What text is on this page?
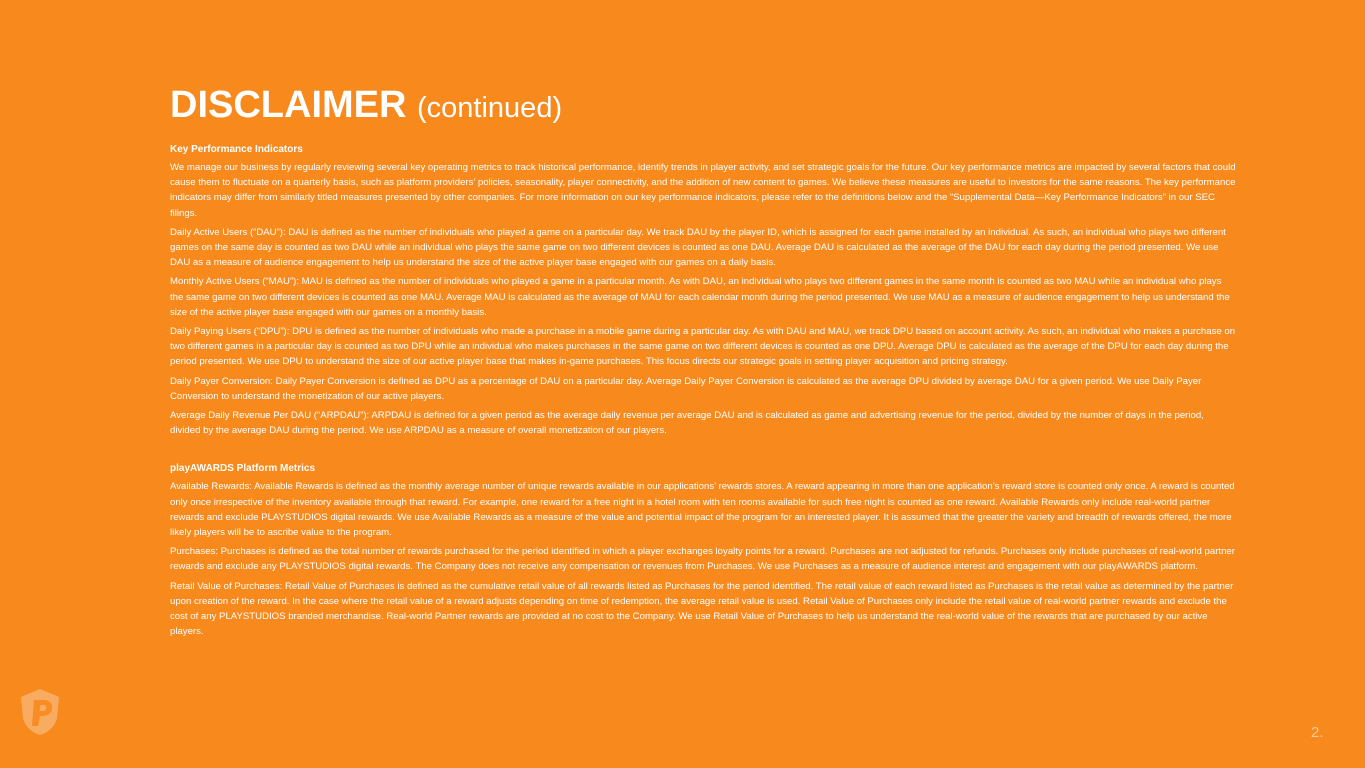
DISCLAIMER (continued)
Key Performance Indicators

We manage our business by regularly reviewing several key operating metrics to track historical performance, identify trends in player activity, and set strategic goals for the future. Our key performance metrics are impacted by several factors that could cause them to fluctuate on a quarterly basis, such as platform providers’ policies, seasonality, player connectivity, and the addition of new content to games. We believe these measures are useful to investors for the same reasons. The key performance indicators may differ from similarly titled measures presented by other companies. For more information on our key performance indicators, please refer to the definitions below and the “Supplemental Data—Key Performance Indicators” in our SEC filings.

Daily Active Users (“DAU”): DAU is defined as the number of individuals who played a game on a particular day. We track DAU by the player ID, which is assigned for each game installed by an individual. As such, an individual who plays two different games on the same day is counted as two DAU while an individual who plays the same game on two different devices is counted as one DAU. Average DAU is calculated as the average of the DAU for each day during the period presented. We use DAU as a measure of audience engagement to help us understand the size of the active player base engaged with our games on a daily basis.

Monthly Active Users (“MAU”): MAU is defined as the number of individuals who played a game in a particular month. As with DAU, an individual who plays two different games in the same month is counted as two MAU while an individual who plays the same game on two different devices is counted as one MAU. Average MAU is calculated as the average of MAU for each calendar month during the period presented. We use MAU as a measure of audience engagement to help us understand the size of the active player base engaged with our games on a monthly basis.

Daily Paying Users (“DPU”): DPU is defined as the number of individuals who made a purchase in a mobile game during a particular day. As with DAU and MAU, we track DPU based on account activity. As such, an individual who makes a purchase on two different games in a particular day is counted as two DPU while an individual who makes purchases in the same game on two different devices is counted as one DPU. Average DPU is calculated as the average of the DPU for each day during the period presented. We use DPU to understand the size of our active player base that makes in-game purchases. This focus directs our strategic goals in setting player acquisition and pricing strategy.

Daily Payer Conversion: Daily Payer Conversion is defined as DPU as a percentage of DAU on a particular day. Average Daily Payer Conversion is calculated as the average DPU divided by average DAU for a given period. We use Daily Payer Conversion to understand the monetization of our active players.

Average Daily Revenue Per DAU (“ARPDAU”): ARPDAU is defined for a given period as the average daily revenue per average DAU and is calculated as game and advertising revenue for the period, divided by the number of days in the period, divided by the average DAU during the period. We use ARPDAU as a measure of overall monetization of our players.

playAWARDS Platform Metrics

Available Rewards: Available Rewards is defined as the monthly average number of unique rewards available in our applications’ rewards stores. A reward appearing in more than one application’s reward store is counted only once. A reward is counted only once irrespective of the inventory available through that reward. For example, one reward for a free night in a hotel room with ten rooms available for such free night is counted as one reward. Available Rewards only include real-world partner rewards and exclude PLAYSTUDIOS digital rewards. We use Available Rewards as a measure of the value and potential impact of the program for an interested player. It is assumed that the greater the variety and breadth of rewards offered, the more likely players will be to ascribe value to the program.

Purchases: Purchases is defined as the total number of rewards purchased for the period identified in which a player exchanges loyalty points for a reward. Purchases are not adjusted for refunds. Purchases only include purchases of real-world partner rewards and exclude any PLAYSTUDIOS digital rewards. The Company does not receive any compensation or revenues from Purchases. We use Purchases as a measure of audience interest and engagement with our playAWARDS platform.

Retail Value of Purchases: Retail Value of Purchases is defined as the cumulative retail value of all rewards listed as Purchases for the period identified. The retail value of each reward listed as Purchases is the retail value as determined by the partner upon creation of the reward. In the case where the retail value of a reward adjusts depending on time of redemption, the average retail value is used. Retail Value of Purchases only include the retail value of real-world partner rewards and exclude the cost of any PLAYSTUDIOS branded merchandise. Real-world Partner rewards are provided at no cost to the Company. We use Retail Value of Purchases to help us understand the real-world value of the rewards that are purchased by our active players.

2.
